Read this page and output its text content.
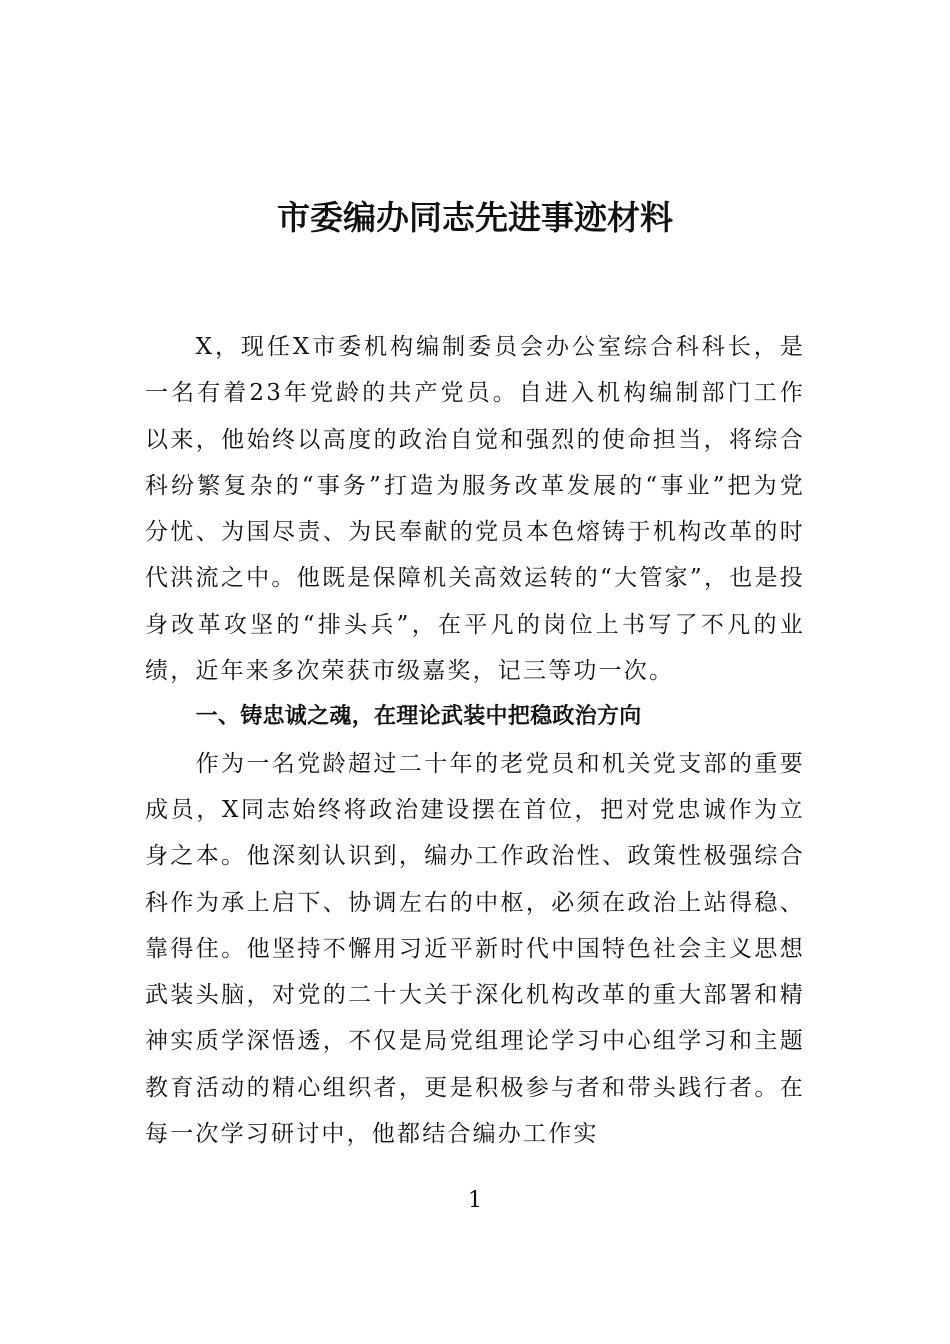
市委编办同志先进事迹材料

X，现任X市委机构编制委员会办公室综合科科长，是一名有着23年党龄的共产党员。自进入机构编制部门工作以来，他始终以高度的政治自觉和强烈的使命担当，将综合科纷繁复杂的“事务”打造为服务改革发展的“事业”把为党分忧、为国尽责、为民奉献的党员本色熔铸于机构改革的时代洪流之中。他既是保障机关高效运转的“大管家”，也是投身改革攻坚的“排头兵”，在平凡的岗位上书写了不凡的业绩，近年来多次荣获市级嘉奖，记三等功一次。

一、铸忠诚之魂，在理论武装中把稳政治方向

作为一名党龄超过二十年的老党员和机关党支部的重要成员，X同志始终将政治建设摆在首位，把对党忠诚作为立身之本。他深刻认识到，编办工作政治性、政策性极强综合科作为承上启下、协调左右的中枢，必须在政治上站得稳、靠得住。他坚持不懈用习近平新时代中国特色社会主义思想武装头脑，对党的二十大关于深化机构改革的重大部署和精神实质学深悟透，不仅是局党组理论学习中心组学习和主题教育活动的精心组织者，更是积极参与者和带头践行者。在每一次学习研讨中，他都结合编办工作实

1
